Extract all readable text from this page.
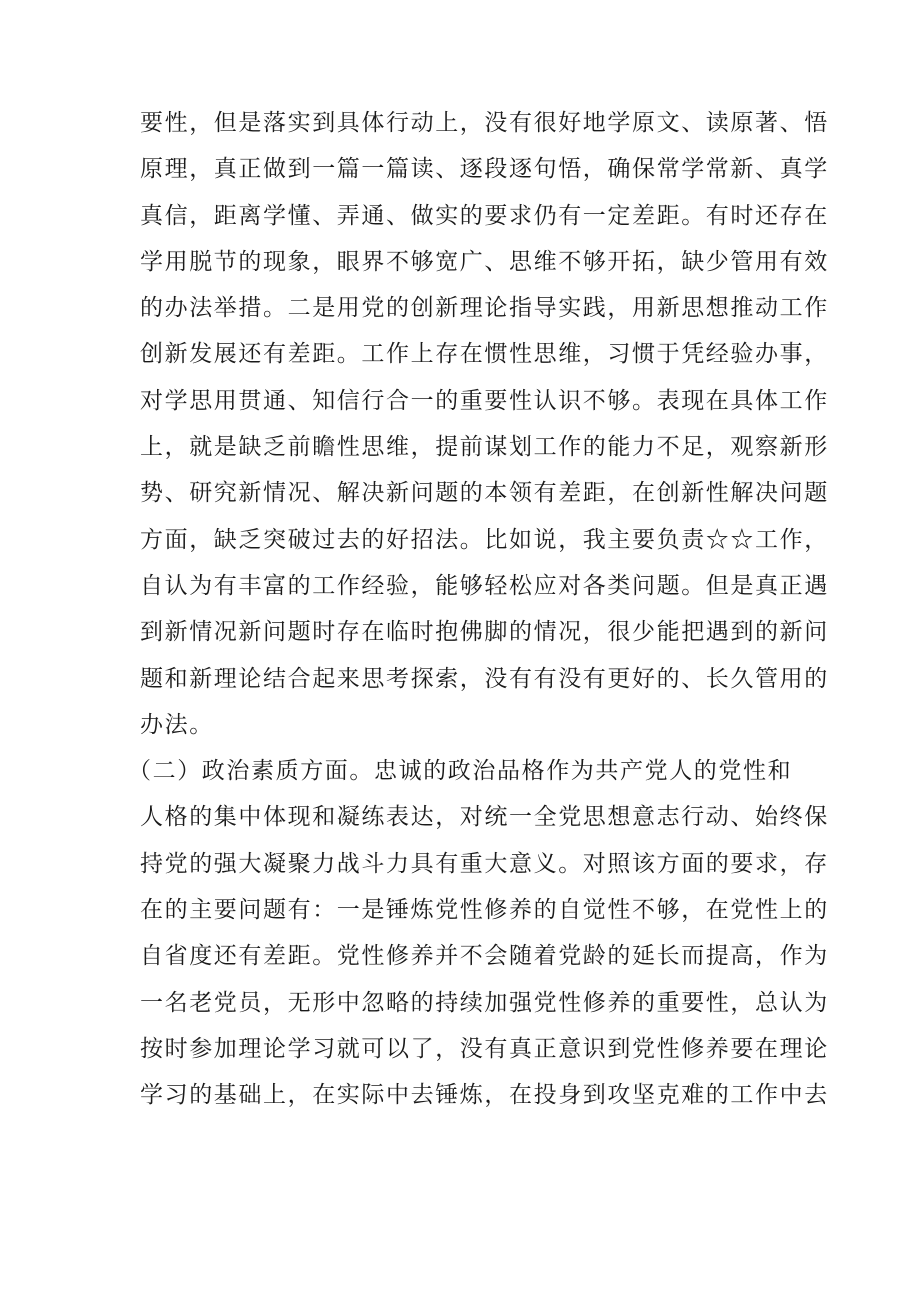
要性，但是落实到具体行动上，没有很好地学原文、读原著、悟
原理，真正做到一篇一篇读、逐段逐句悟，确保常学常新、真学
真信，距离学懂、弄通、做实的要求仍有一定差距。有时还存在
学用脱节的现象，眼界不够宽广、思维不够开拓，缺少管用有效
的办法举措。二是用党的创新理论指导实践，用新思想推动工作
创新发展还有差距。工作上存在惯性思维，习惯于凭经验办事，
对学思用贯通、知信行合一的重要性认识不够。表现在具体工作
上，就是缺乏前瞻性思维，提前谋划工作的能力不足，观察新形
势、研究新情况、解决新问题的本领有差距，在创新性解决问题
方面，缺乏突破过去的好招法。比如说，我主要负责☆☆工作，
自认为有丰富的工作经验，能够轻松应对各类问题。但是真正遇
到新情况新问题时存在临时抱佛脚的情况，很少能把遇到的新问
题和新理论结合起来思考探索，没有有没有更好的、长久管用的
办法。
（二）政治素质方面。忠诚的政治品格作为共产党人的党性和
人格的集中体现和凝练表达，对统一全党思想意志行动、始终保
持党的强大凝聚力战斗力具有重大意义。对照该方面的要求，存
在的主要问题有：一是锤炼党性修养的自觉性不够，在党性上的
自省度还有差距。党性修养并不会随着党龄的延长而提高，作为
一名老党员，无形中忽略的持续加强党性修养的重要性，总认为
按时参加理论学习就可以了，没有真正意识到党性修养要在理论
学习的基础上，在实际中去锤炼，在投身到攻坚克难的工作中去
